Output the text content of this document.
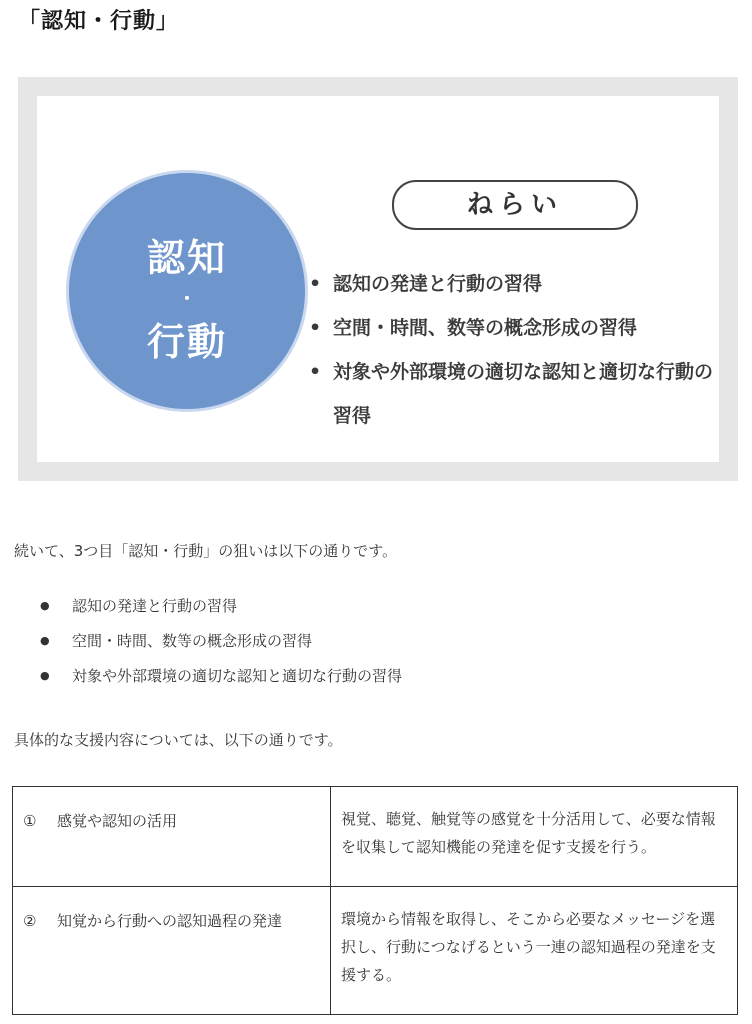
「認知・行動」
認知
・
行動
ねらい
• 認知の発達と行動の習得
• 空間・時間、数等の概念形成の習得
• 対象や外部環境の適切な認知と適切な行動の習得
続いて、3つ目「認知・行動」の狙いは以下の通りです。
● 認知の発達と行動の習得
● 空間・時間、数等の概念形成の習得
● 対象や外部環境の適切な認知と適切な行動の習得
具体的な支援内容については、以下の通りです。
① 感覚や認知の活用	視覚、聴覚、触覚等の感覚を十分活用して、必要な情報を収集して認知機能の発達を促す支援を行う。
② 知覚から行動への認知過程の発達	環境から情報を取得し、そこから必要なメッセージを選択し、行動につなげるという一連の認知過程の発達を支援する。
